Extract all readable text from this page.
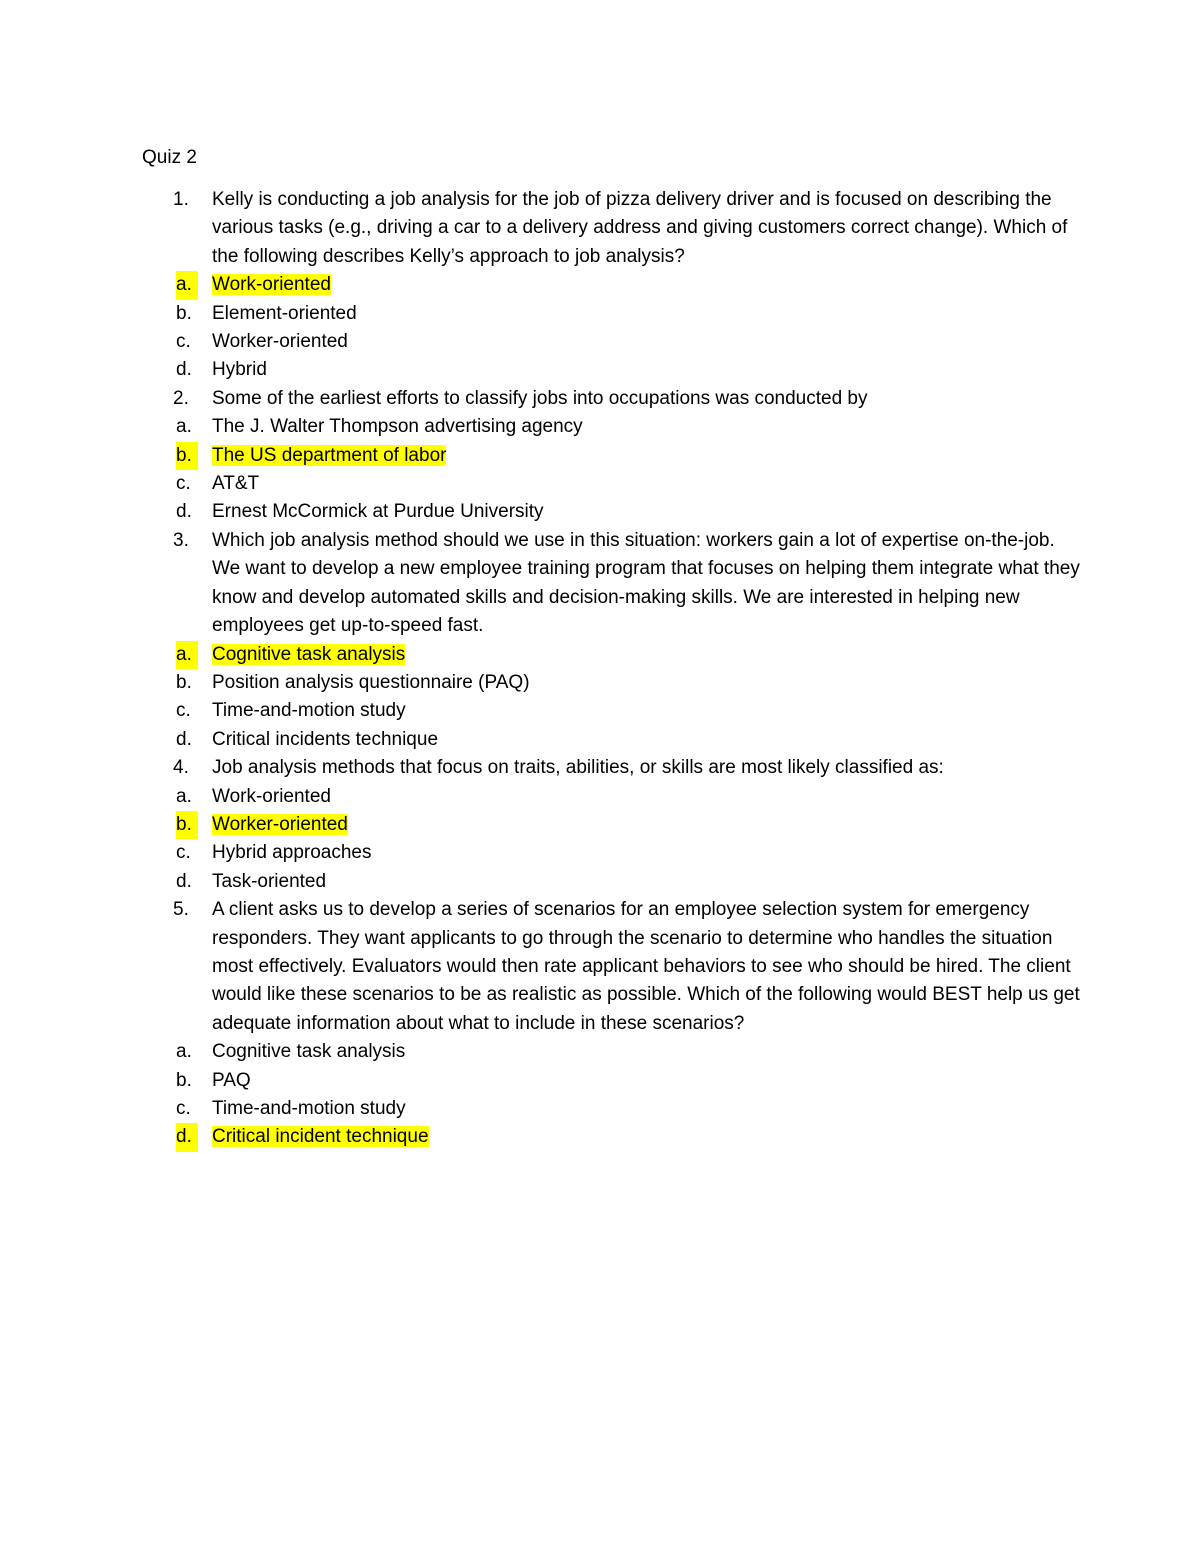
Quiz 2
1. Kelly is conducting a job analysis for the job of pizza delivery driver and is focused on describing the various tasks (e.g., driving a car to a delivery address and giving customers correct change). Which of the following describes Kelly’s approach to job analysis?
a.	Work-oriented
b. Element-oriented
c. Worker-oriented
d. Hybrid
2. Some of the earliest efforts to classify jobs into occupations was conducted by
a. The J. Walter Thompson advertising agency
b.	The US department of labor
c. AT&T
d. Ernest McCormick at Purdue University
3. Which job analysis method should we use in this situation: workers gain a lot of expertise on-the-job. We want to develop a new employee training program that focuses on helping them integrate what they know and develop automated skills and decision-making skills. We are interested in helping new employees get up-to-speed fast.
a.	Cognitive task analysis
b. Position analysis questionnaire (PAQ)
c. Time-and-motion study
d. Critical incidents technique
4. Job analysis methods that focus on traits, abilities, or skills are most likely classified as:
a. Work-oriented
b.	Worker-oriented
c. Hybrid approaches
d. Task-oriented
5. A client asks us to develop a series of scenarios for an employee selection system for emergency responders. They want applicants to go through the scenario to determine who handles the situation most effectively. Evaluators would then rate applicant behaviors to see who should be hired. The client would like these scenarios to be as realistic as possible. Which of the following would BEST help us get adequate information about what to include in these scenarios?
a. Cognitive task analysis
b. PAQ
c. Time-and-motion study
d.	Critical incident technique
